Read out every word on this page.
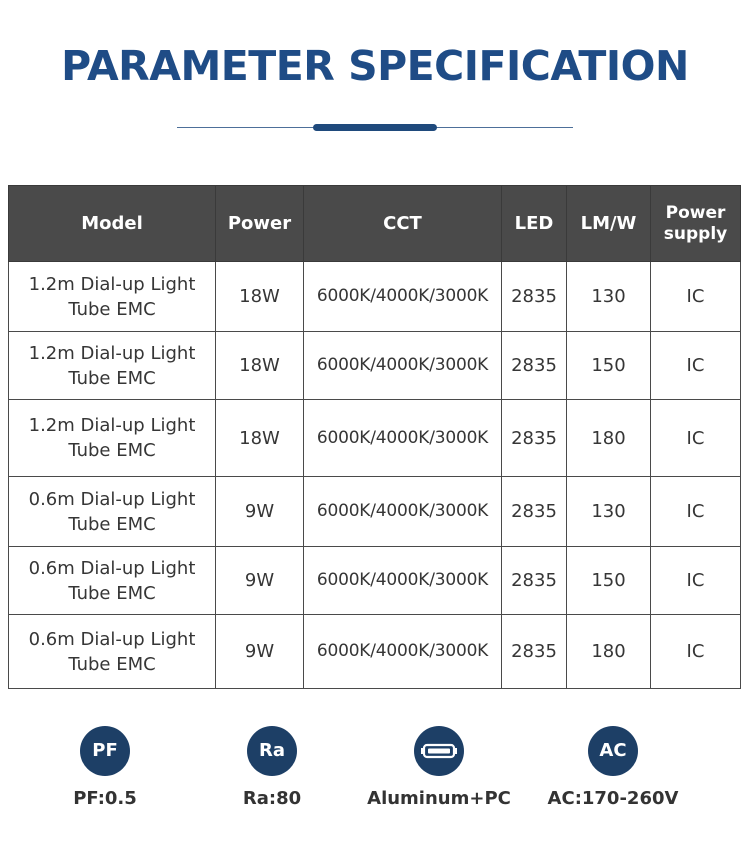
PARAMETER SPECIFICATION
Model	Power	CCT	LED	LM/W	Power supply
1.2m Dial-up Light Tube EMC	18W	6000K/4000K/3000K	2835	130	IC
1.2m Dial-up Light Tube EMC	18W	6000K/4000K/3000K	2835	150	IC
1.2m Dial-up Light Tube EMC	18W	6000K/4000K/3000K	2835	180	IC
0.6m Dial-up Light Tube EMC	9W	6000K/4000K/3000K	2835	130	IC
0.6m Dial-up Light Tube EMC	9W	6000K/4000K/3000K	2835	150	IC
0.6m Dial-up Light Tube EMC	9W	6000K/4000K/3000K	2835	180	IC
PF
PF:0.5
Ra
Ra:80	Aluminum+PC
AC
AC:170-260V
